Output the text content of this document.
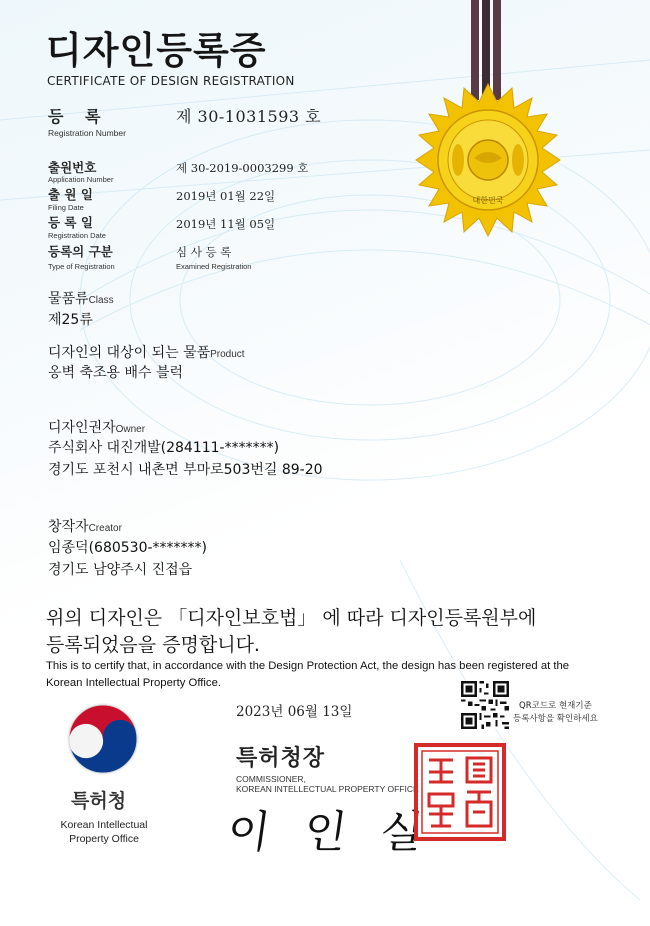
대한민국
디자인등록증
CERTIFICATE OF DESIGN REGISTRATION
등 록
Registration Number
제 30-1031593 호
출원번호
Application Number
제 30-2019-0003299 호
출 원 일
Filing Date
2019년 01월 22일
등 록 일
Registration Date
2019년 11월 05일
등록의 구분
Type of Registration
심 사 등 록
Examined Registration
물품류Class
제25류
디자인의 대상이 되는 물품Product
옹벽 축조용 배수 블럭
디자인권자Owner
주식회사 대진개발(284111-*******)
경기도 포천시 내촌면 부마로503번길 89-20
창작자Creator
임종덕(680530-*******)
경기도 남양주시 진접읍
위의 디자인은 「디자인보호법」 에 따라 디자인등록원부에
등록되었음을 증명합니다.
This is to certify that, in accordance with the Design Protection Act, the design has been registered at the
Korean Intellectual Property Office.
2023년 06월 13일	QR코드로 현재기준
등록사항을 확인하세요
특허청장
COMMISSIONER,
KOREAN INTELLECTUAL PROPERTY OFFICE
이 인 실
특허청
Korean Intellectual
Property Office
